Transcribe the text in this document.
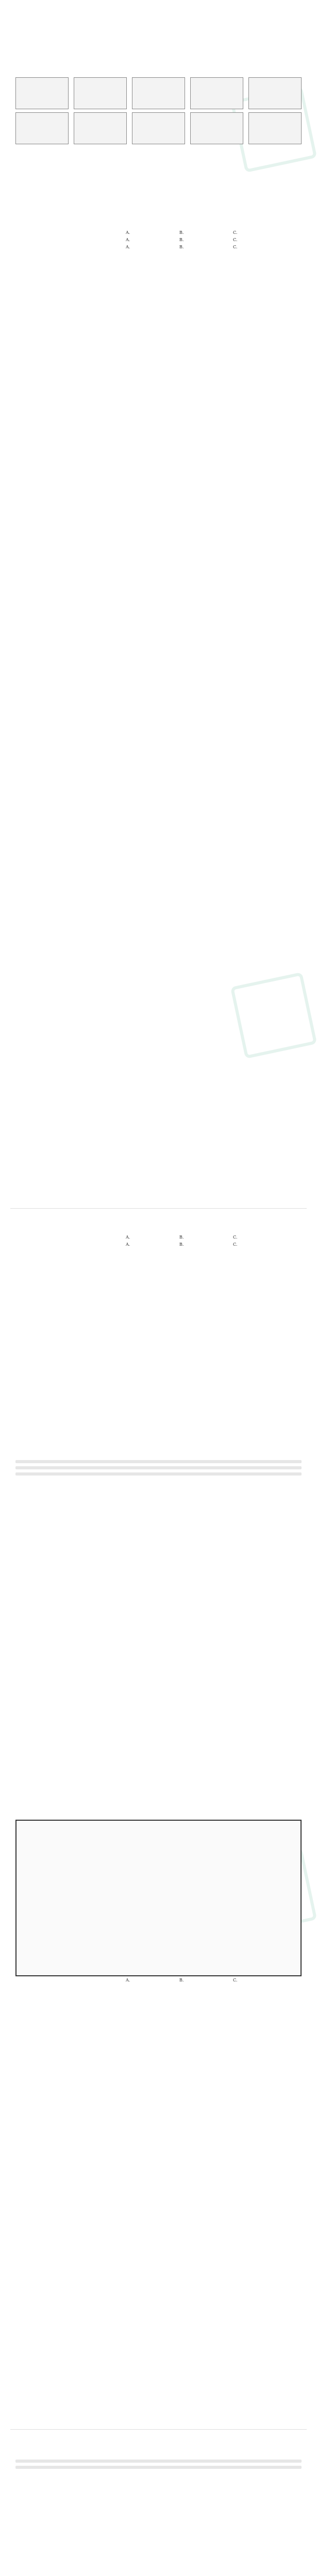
A.	B.	C.
A.	B.	C.
A.	B.	C.
A.	B.	C.
A.	B.	C.
A.	B.	C.
